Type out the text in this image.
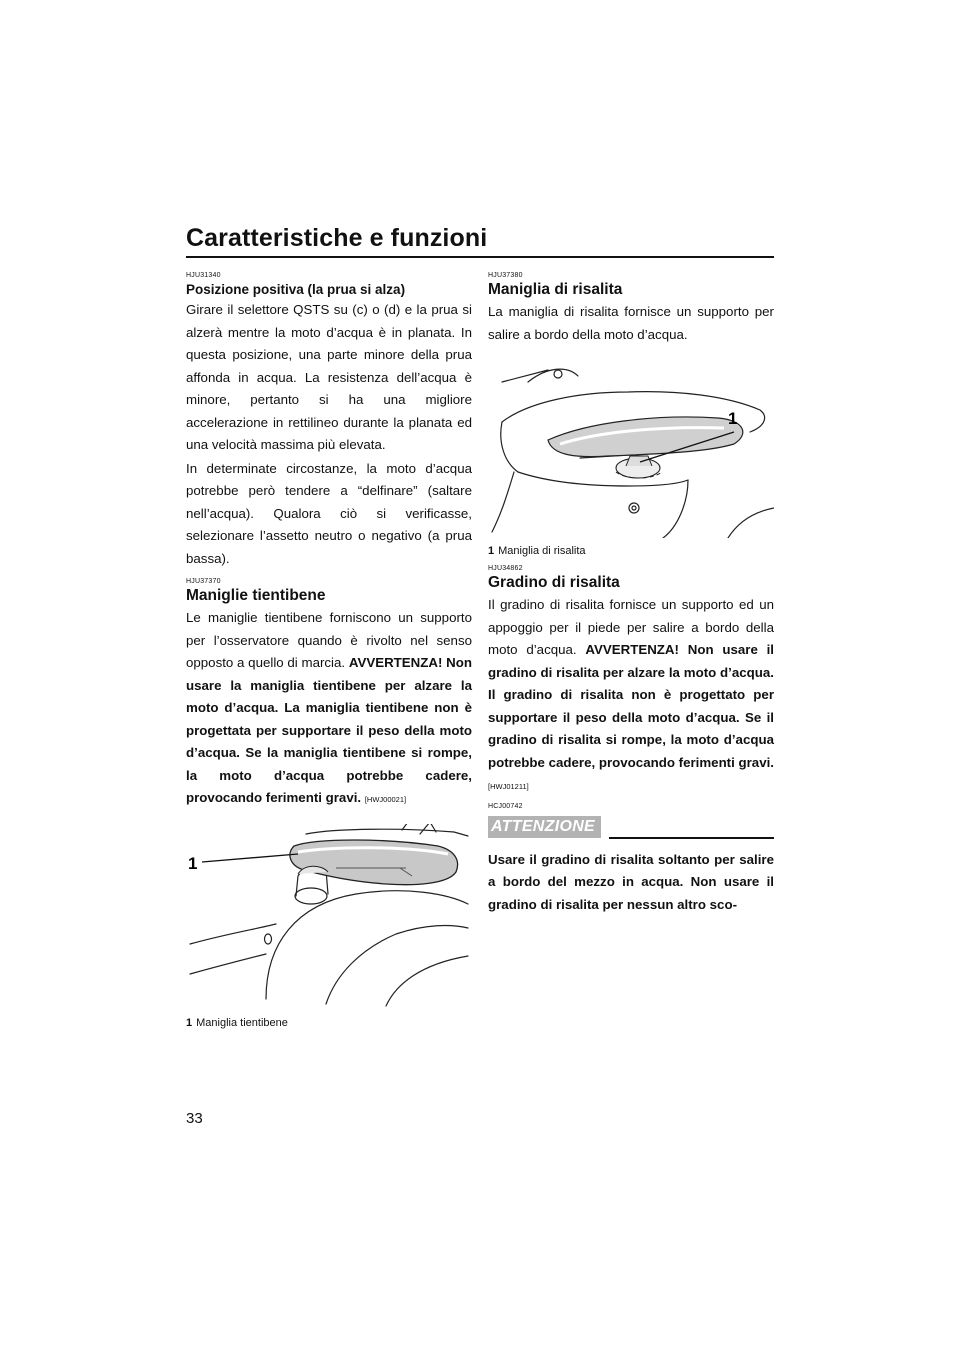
Caratteristiche e funzioni

HJU31340

Posizione positiva (la prua si alza)

Girare il selettore QSTS su (c) o (d) e la prua si alzerà mentre la moto d’acqua è in planata. In questa posizione, una parte minore della prua affonda in acqua. La resistenza dell’acqua è minore, pertanto si ha una migliore accelerazione in rettilineo durante la planata ed una velocità massima più elevata.

In determinate circostanze, la moto d’acqua potrebbe però tendere a “delfinare” (saltare nell’acqua). Qualora ciò si verificasse, selezionare l’assetto neutro o negativo (a prua bassa).

HJU37370

Maniglie tientibene

Le maniglie tientibene forniscono un supporto per l’osservatore quando è rivolto nel senso opposto a quello di marcia. AVVERTENZA! Non usare la maniglia tientibene per alzare la moto d’acqua. La maniglia tientibene non è progettata per supportare il peso della moto d’acqua. Se la maniglia tientibene si rompe, la moto d’acqua potrebbe cadere, provocando ferimenti gravi. [HWJ00021]

1
1 Maniglia tientibene

HJU37380

Maniglia di risalita

La maniglia di risalita fornisce un supporto per salire a bordo della moto d’acqua.

1
1 Maniglia di risalita

HJU34862

Gradino di risalita

Il gradino di risalita fornisce un supporto ed un appoggio per il piede per salire a bordo della moto d’acqua. AVVERTENZA! Non usare il gradino di risalita per alzare la moto d’acqua. Il gradino di risalita non è progettato per supportare il peso della moto d’acqua. Se il gradino di risalita si rompe, la moto d’acqua potrebbe cadere, provocando ferimenti gravi. [HWJ01211]

HCJ00742

ATTENZIONE

Usare il gradino di risalita soltanto per salire a bordo del mezzo in acqua. Non usare il gradino di risalita per nessun altro sco-

33
